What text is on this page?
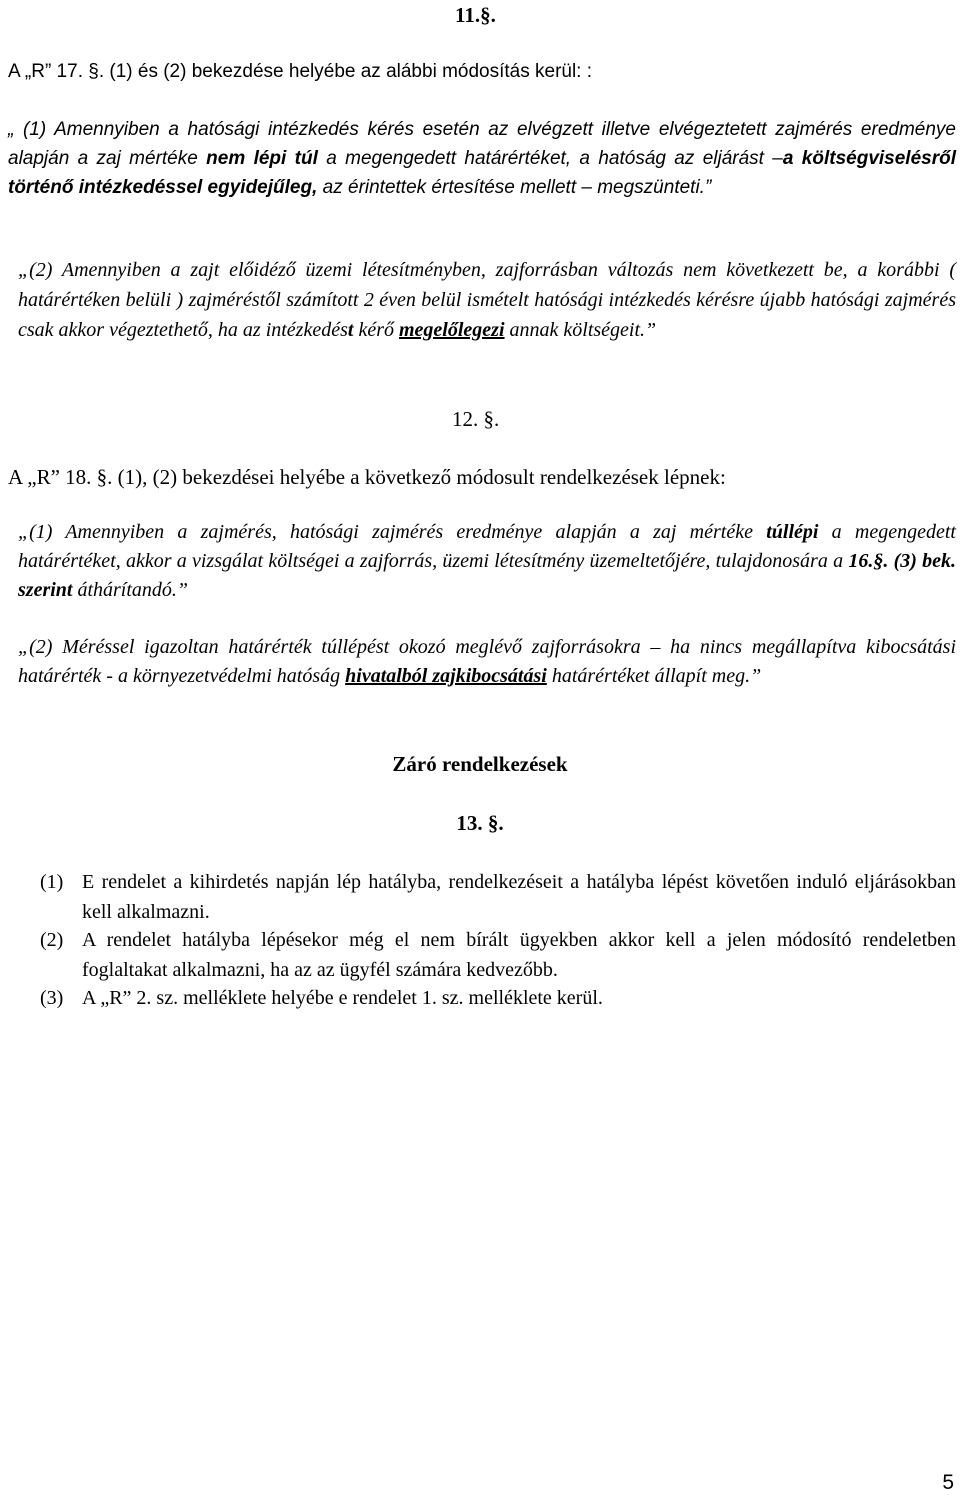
11.§.
A „R” 17. §. (1) és (2) bekezdése helyébe az alábbi módosítás kerül: :
„ (1) Amennyiben a hatósági intézkedés kérés esetén az elvégzett illetve elvégeztetett zajmérés eredménye alapján a zaj mértéke nem lépi túl a megengedett határértéket, a hatóság az eljárást –a költségviselésről történő intézkedéssel egyidejűleg, az érintettek értesítése mellett – megszünteti.”
„(2) Amennyiben a zajt előidéző üzemi létesítményben, zajforrásban változás nem következett be, a korábbi ( határértéken belüli ) zajméréstől számított 2 éven belül ismételt hatósági intézkedés kérésre újabb hatósági zajmérés csak akkor végeztethető, ha az intézkedést kérő megelőlegezi annak költségeit.”
12. §.
A „R” 18. §. (1), (2) bekezdései helyébe a következő módosult rendelkezések lépnek:
„(1) Amennyiben a zajmérés, hatósági zajmérés eredménye alapján a zaj mértéke túllépi a megengedett határértéket, akkor a vizsgálat költségei a zajforrás, üzemi létesítmény üzemeltetőjére, tulajdonosára a 16.§. (3) bek. szerint áthárítandó.”
„(2) Méréssel igazoltan határérték túllépést okozó meglévő zajforrásokra – ha nincs megállapítva kibocsátási határérték - a környezetvédelmi hatóság hivatalból zajkibocsátási határértéket állapít meg.”
Záró rendelkezések
13. §.
(1) E rendelet a kihirdetés napján lép hatályba, rendelkezéseit a hatályba lépést követően induló eljárásokban kell alkalmazni.
(2) A rendelet hatályba lépésekor még el nem bírált ügyekben akkor kell a jelen módosító rendeletben foglaltakat alkalmazni, ha az az ügyfél számára kedvezőbb.
(3) A „R” 2. sz. melléklete helyébe e rendelet 1. sz. melléklete kerül.
5
